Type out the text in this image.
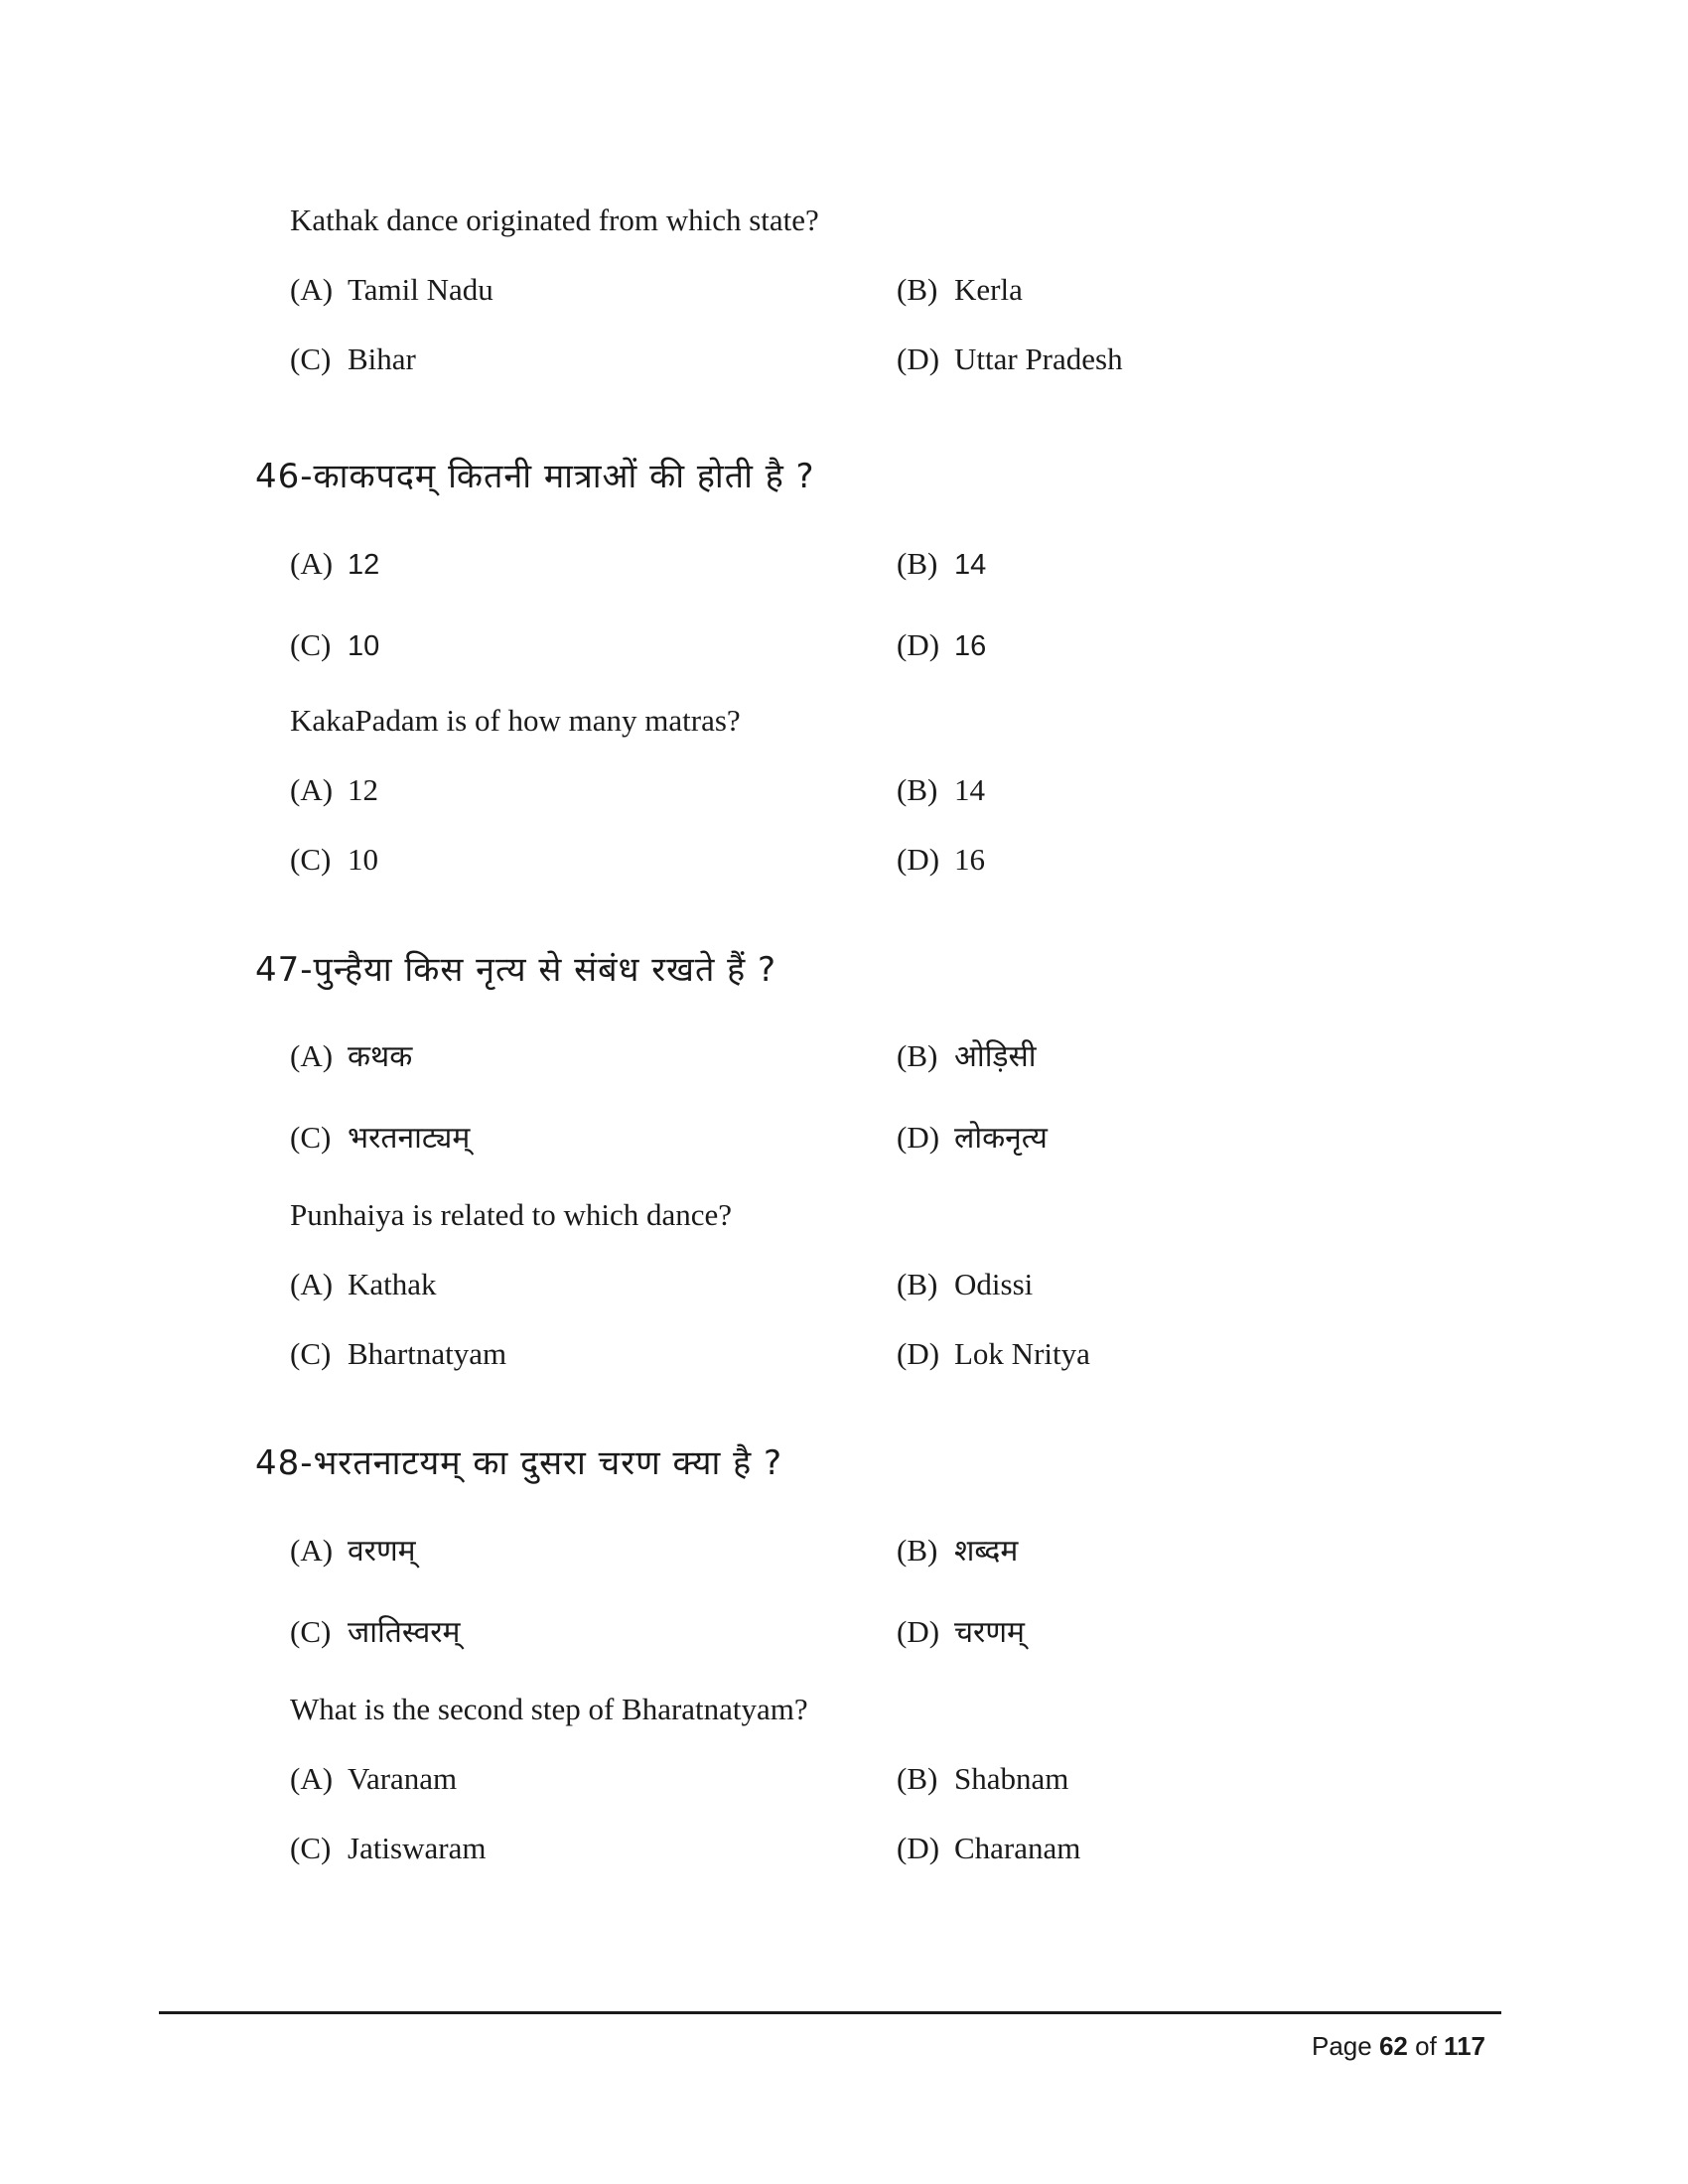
Kathak dance originated from which state?
(A) Tamil Nadu	(B) Kerla
(C) Bihar	(D) Uttar Pradesh
46-काकपदम् कितनी मात्राओं की होती है ?
(A) 12	(B) 14
(C) 10	(D) 16
KakaPadam is of how many matras?
(A) 12	(B) 14
(C) 10	(D) 16
47-पुन्हैया किस नृत्य से संबंध रखते हैं ?
(A) कथक	(B) ओड़िसी
(C) भरतनाट्यम्	(D) लोकनृत्य
Punhaiya is related to which dance?
(A) Kathak	(B) Odissi
(C) Bhartnatyam	(D) Lok Nritya
48-भरतनाटयम् का दुसरा चरण क्या है ?
(A) वरणम्	(B) शब्दम
(C) जातिस्वरम्	(D) चरणम्
What is the second step of Bharatnatyam?
(A) Varanam	(B) Shabnam
(C) Jatiswaram	(D) Charanam
Page 62 of 117
